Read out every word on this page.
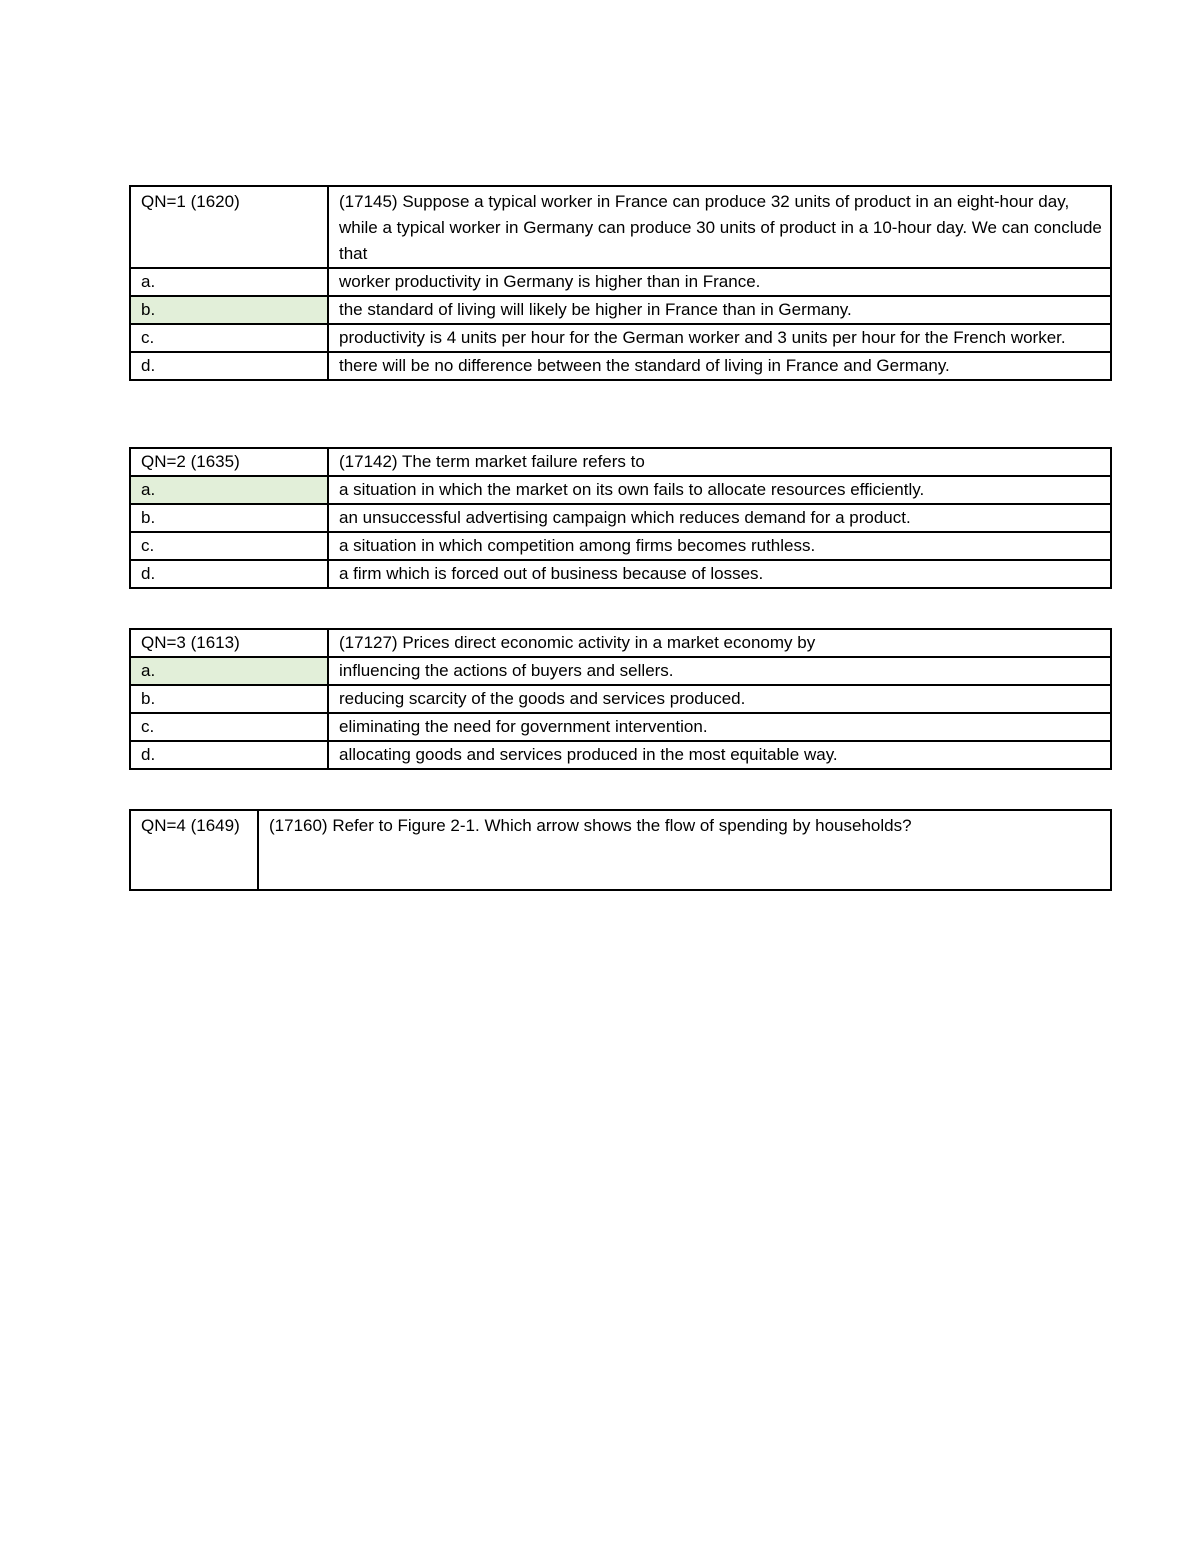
QN=1 (1620)	(17145) Suppose a typical worker in France can produce 32 units of product in an eight-hour day, while a typical worker in Germany can produce 30 units of product in a 10-hour day. We can conclude that
a.	worker productivity in Germany is higher than in France.
b.	the standard of living will likely be higher in France than in Germany.
c.	productivity is 4 units per hour for the German worker and 3 units per hour for the French worker.
d.	there will be no difference between the standard of living in France and Germany.
QN=2 (1635)	(17142) The term market failure refers to
a.	a situation in which the market on its own fails to allocate resources efficiently.
b.	an unsuccessful advertising campaign which reduces demand for a product.
c.	a situation in which competition among firms becomes ruthless.
d.	a firm which is forced out of business because of losses.
QN=3 (1613)	(17127) Prices direct economic activity in a market economy by
a.	influencing the actions of buyers and sellers.
b.	reducing scarcity of the goods and services produced.
c.	eliminating the need for government intervention.
d.	allocating goods and services produced in the most equitable way.
QN=4 (1649)	(17160) Refer to Figure 2-1. Which arrow shows the flow of spending by households?
